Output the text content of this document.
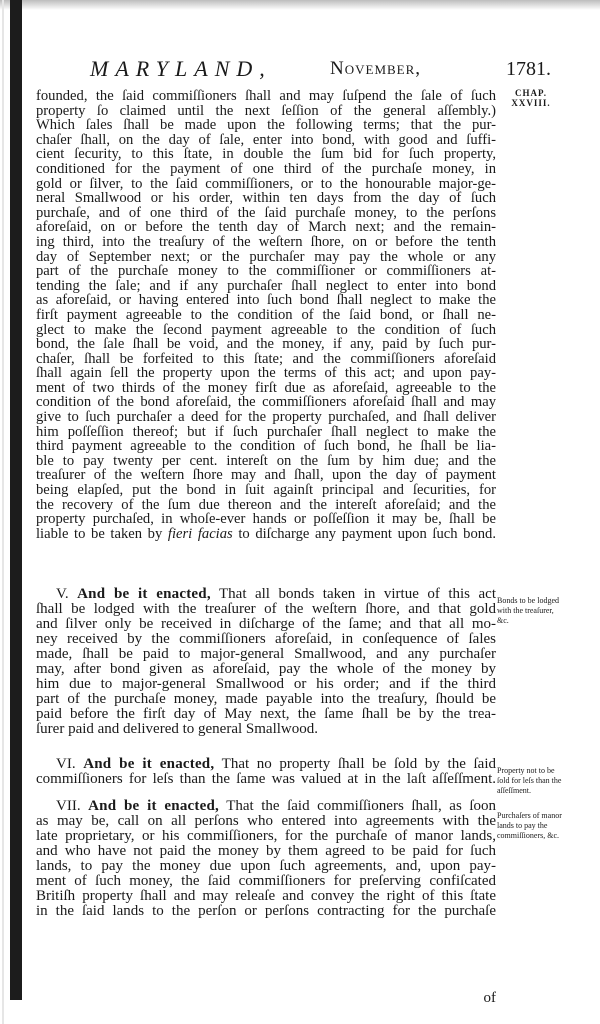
MARYLAND,	November,	1781.
CHAP.
XXVIII.
founded, the ſaid commiſſioners ſhall and may ſuſpend the ſale of ſuch
property ſo claimed until the next ſeſſion of the general aſſembly.)
Which ſales ſhall be made upon the following terms; that the pur-
chaſer ſhall, on the day of ſale, enter into bond, with good and ſuffi-
cient ſecurity, to this ſtate, in double the ſum bid for ſuch property,
conditioned for the payment of one third of the purchaſe money, in
gold or ſilver, to the ſaid commiſſioners, or to the honourable major-ge-
neral Smallwood or his order, within ten days from the day of ſuch
purchaſe, and of one third of the ſaid purchaſe money, to the perſons
aforeſaid, on or before the tenth day of March next; and the remain-
ing third, into the treaſury of the weſtern ſhore, on or before the tenth
day of September next; or the purchaſer may pay the whole or any
part of the purchaſe money to the commiſſioner or commiſſioners at-
tending the ſale; and if any purchaſer ſhall neglect to enter into bond
as aforeſaid, or having entered into ſuch bond ſhall neglect to make the
firſt payment agreeable to the condition of the ſaid bond, or ſhall ne-
glect to make the ſecond payment agreeable to the condition of ſuch
bond, the ſale ſhall be void, and the money, if any, paid by ſuch pur-
chaſer, ſhall be forfeited to this ſtate; and the commiſſioners aforeſaid
ſhall again ſell the property upon the terms of this act; and upon pay-
ment of two thirds of the money firſt due as aforeſaid, agreeable to the
condition of the bond aforeſaid, the commiſſioners aforeſaid ſhall and may
give to ſuch purchaſer a deed for the property purchaſed, and ſhall deliver
him poſſeſſion thereof; but if ſuch purchaſer ſhall neglect to make the
third payment agreeable to the condition of ſuch bond, he ſhall be lia-
ble to pay twenty per cent. intereſt on the ſum by him due; and the
treaſurer of the weſtern ſhore may and ſhall, upon the day of payment
being elapſed, put the bond in ſuit againſt principal and ſecurities, for
the recovery of the ſum due thereon and the intereſt aforeſaid; and the
property purchaſed, in whoſe-ever hands or poſſeſſion it may be, ſhall be
liable to be taken by fieri facias to diſcharge any payment upon ſuch bond.
V. And be it enacted, That all bonds taken in virtue of this act
ſhall be lodged with the treaſurer of the weſtern ſhore, and that gold
and ſilver only be received in diſcharge of the ſame; and that all mo-
ney received by the commiſſioners aforeſaid, in conſequence of ſales
made, ſhall be paid to major-general Smallwood, and any purchaſer
may, after bond given as aforeſaid, pay the whole of the money by
him due to major-general Smallwood or his order; and if the third
part of the purchaſe money, made payable into the treaſury, ſhould be
paid before the firſt day of May next, the ſame ſhall be by the trea-
ſurer paid and delivered to general Smallwood.
VI. And be it enacted, That no property ſhall be ſold by the ſaid
commiſſioners for leſs than the ſame was valued at in the laſt aſſeſſment.
VII. And be it enacted, That the ſaid commiſſioners ſhall, as ſoon
as may be, call on all perſons who entered into agreements with the
late proprietary, or his commiſſioners, for the purchaſe of manor lands,
and who have not paid the money by them agreed to be paid for ſuch
lands, to pay the money due upon ſuch agreements, and, upon pay-
ment of ſuch money, the ſaid commiſſioners for preſerving confiſcated
Britiſh property ſhall and may releaſe and convey the right of this ſtate
in the ſaid lands to the perſon or perſons contracting for the purchaſe
of
Bonds to be lodged with the treaſurer, &c.
Property not to be ſold for leſs than the aſſeſſment.
Purchaſers of manor lands to pay the commiſſioners, &c.
